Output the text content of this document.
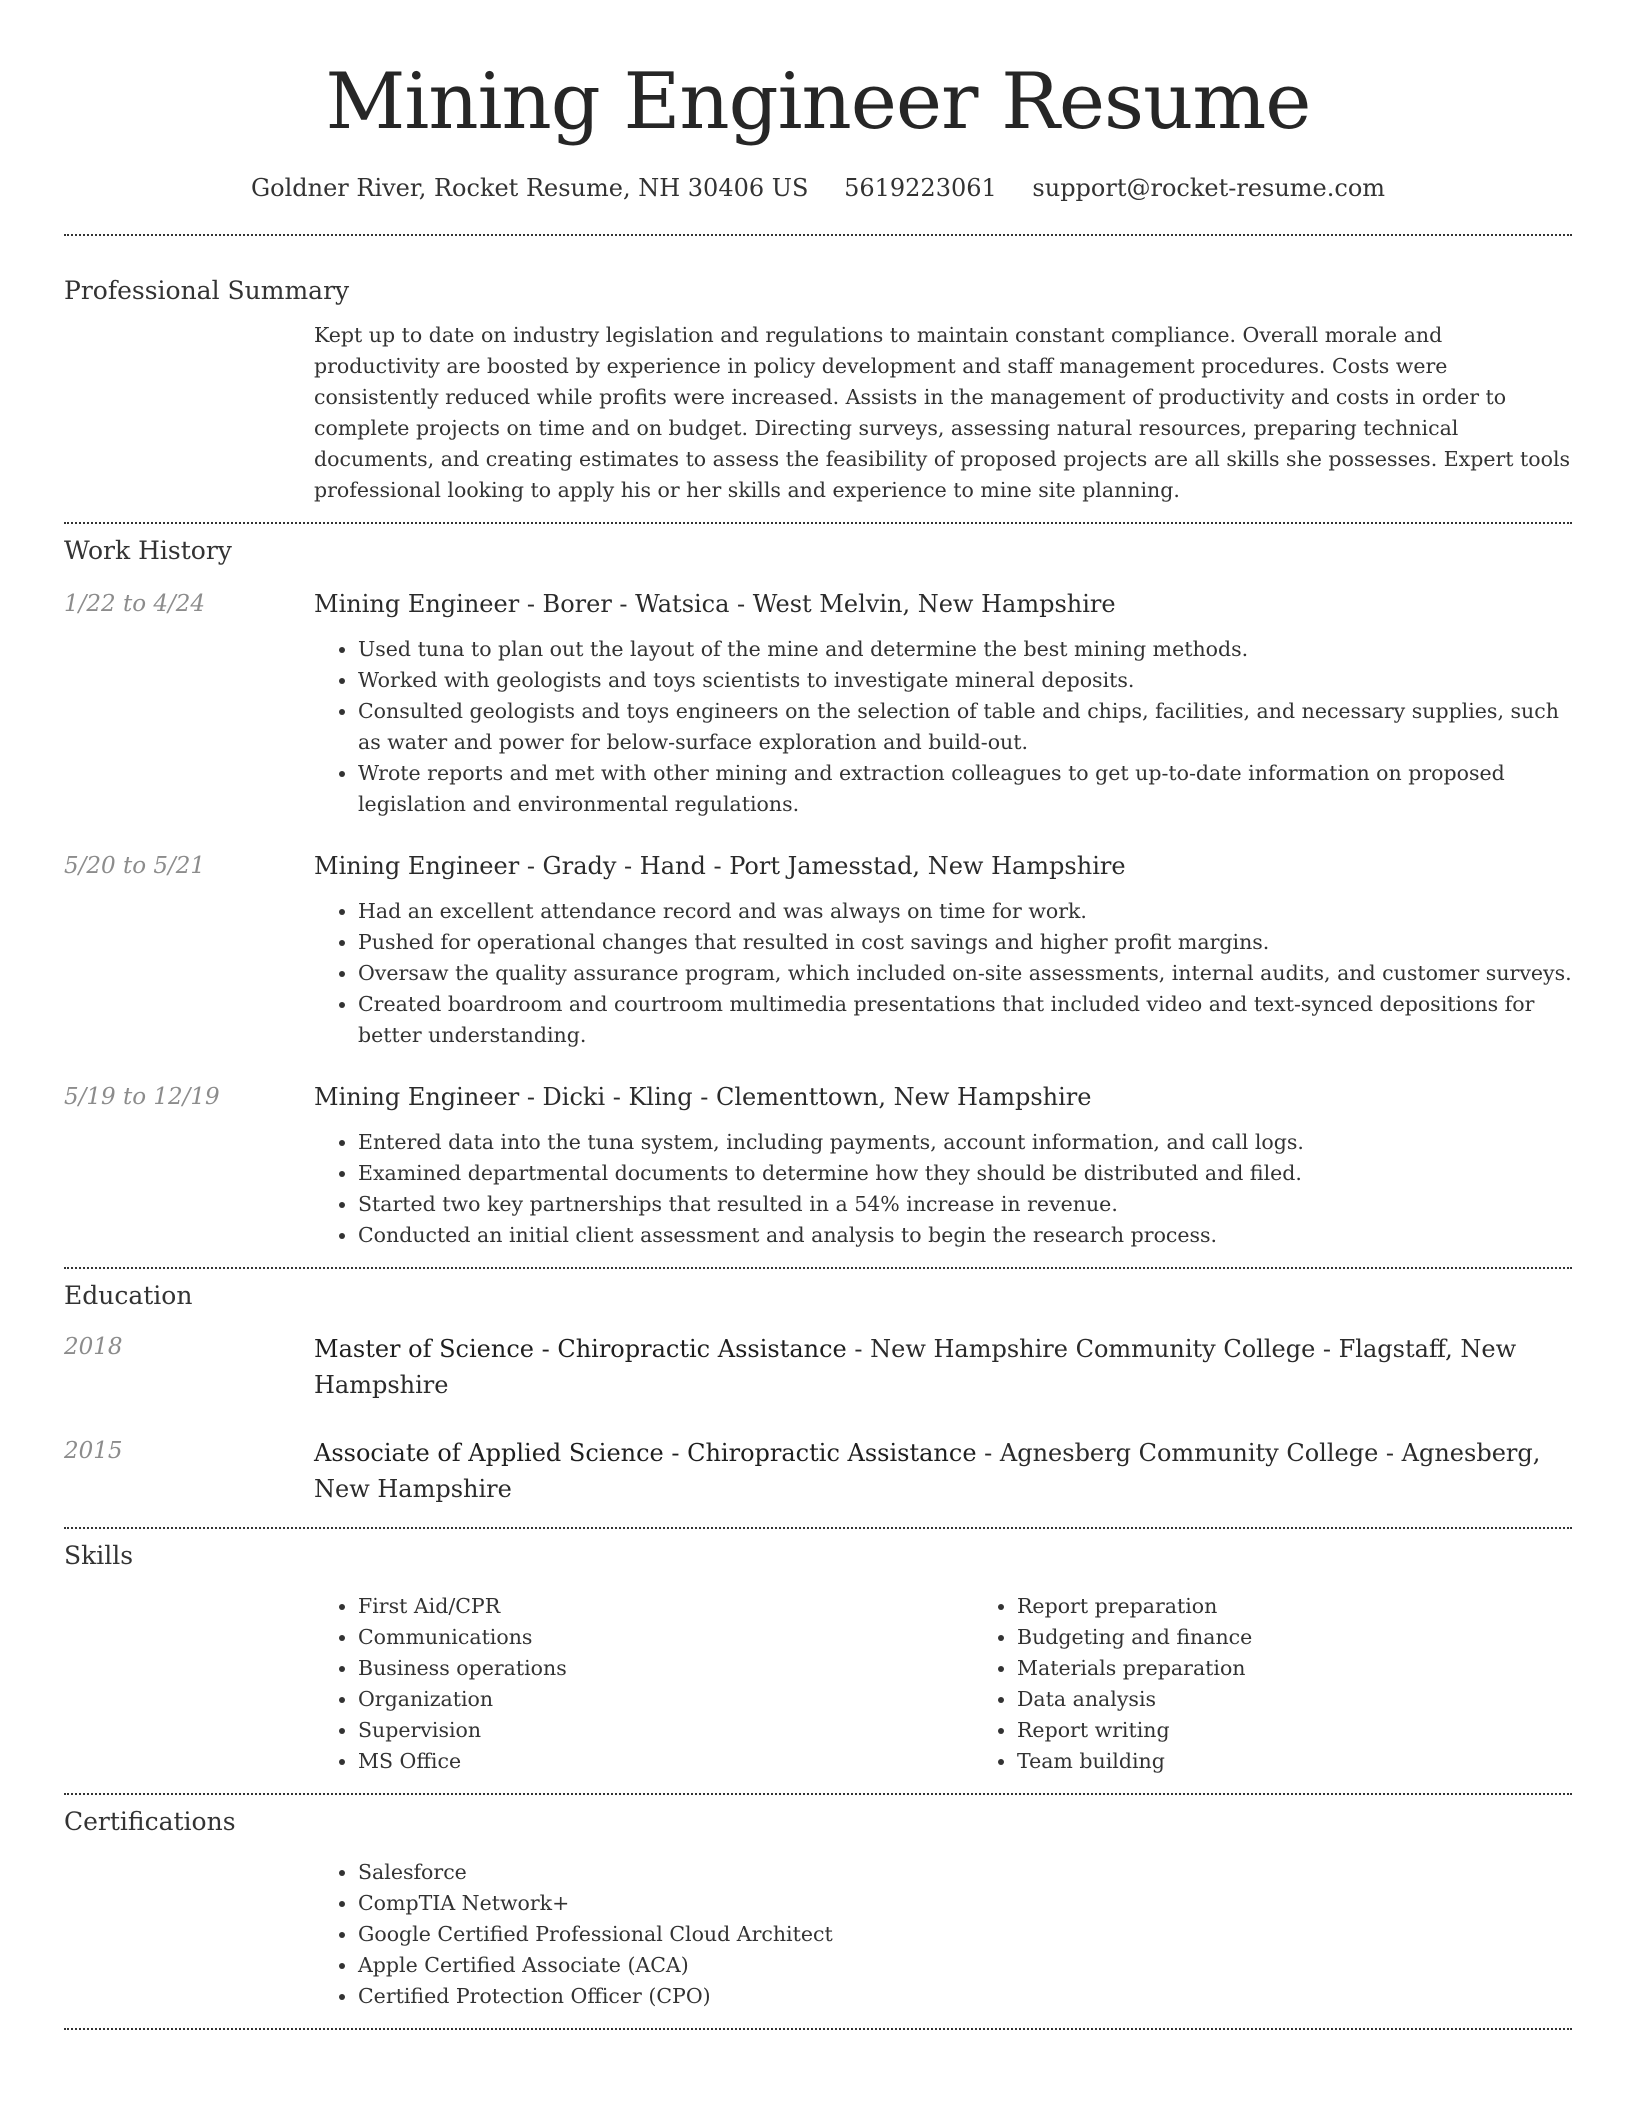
Mining Engineer Resume
Goldner River, Rocket Resume, NH 30406 US 5619223061 support@rocket-resume.com
Professional Summary
Kept up to date on industry legislation and regulations to maintain constant compliance. Overall morale and productivity are boosted by experience in policy development and staff management procedures. Costs were consistently reduced while profits were increased. Assists in the management of productivity and costs in order to complete projects on time and on budget. Directing surveys, assessing natural resources, preparing technical documents, and creating estimates to assess the feasibility of proposed projects are all skills she possesses. Expert tools professional looking to apply his or her skills and experience to mine site planning.
Work History
1/22 to 4/24	Mining Engineer - Borer - Watsica - West Melvin, New Hampshire
• Used tuna to plan out the layout of the mine and determine the best mining methods.
• Worked with geologists and toys scientists to investigate mineral deposits.
• Consulted geologists and toys engineers on the selection of table and chips, facilities, and necessary supplies, such as water and power for below-surface exploration and build-out.
• Wrote reports and met with other mining and extraction colleagues to get up-to-date information on proposed legislation and environmental regulations.
5/20 to 5/21	Mining Engineer - Grady - Hand - Port Jamesstad, New Hampshire
• Had an excellent attendance record and was always on time for work.
• Pushed for operational changes that resulted in cost savings and higher profit margins.
• Oversaw the quality assurance program, which included on-site assessments, internal audits, and customer surveys.
• Created boardroom and courtroom multimedia presentations that included video and text-synced depositions for better understanding.
5/19 to 12/19	Mining Engineer - Dicki - Kling - Clementtown, New Hampshire
• Entered data into the tuna system, including payments, account information, and call logs.
• Examined departmental documents to determine how they should be distributed and filed.
• Started two key partnerships that resulted in a 54% increase in revenue.
• Conducted an initial client assessment and analysis to begin the research process.
Education
2018	Master of Science - Chiropractic Assistance - New Hampshire Community College - Flagstaff, New Hampshire
2015	Associate of Applied Science - Chiropractic Assistance - Agnesberg Community College - Agnesberg, New Hampshire
Skills
• First Aid/CPR
• Communications
• Business operations
• Organization
• Supervision
• MS Office
• Report preparation
• Budgeting and finance
• Materials preparation
• Data analysis
• Report writing
• Team building
Certifications
• Salesforce
• CompTIA Network+
• Google Certified Professional Cloud Architect
• Apple Certified Associate (ACA)
• Certified Protection Officer (CPO)
